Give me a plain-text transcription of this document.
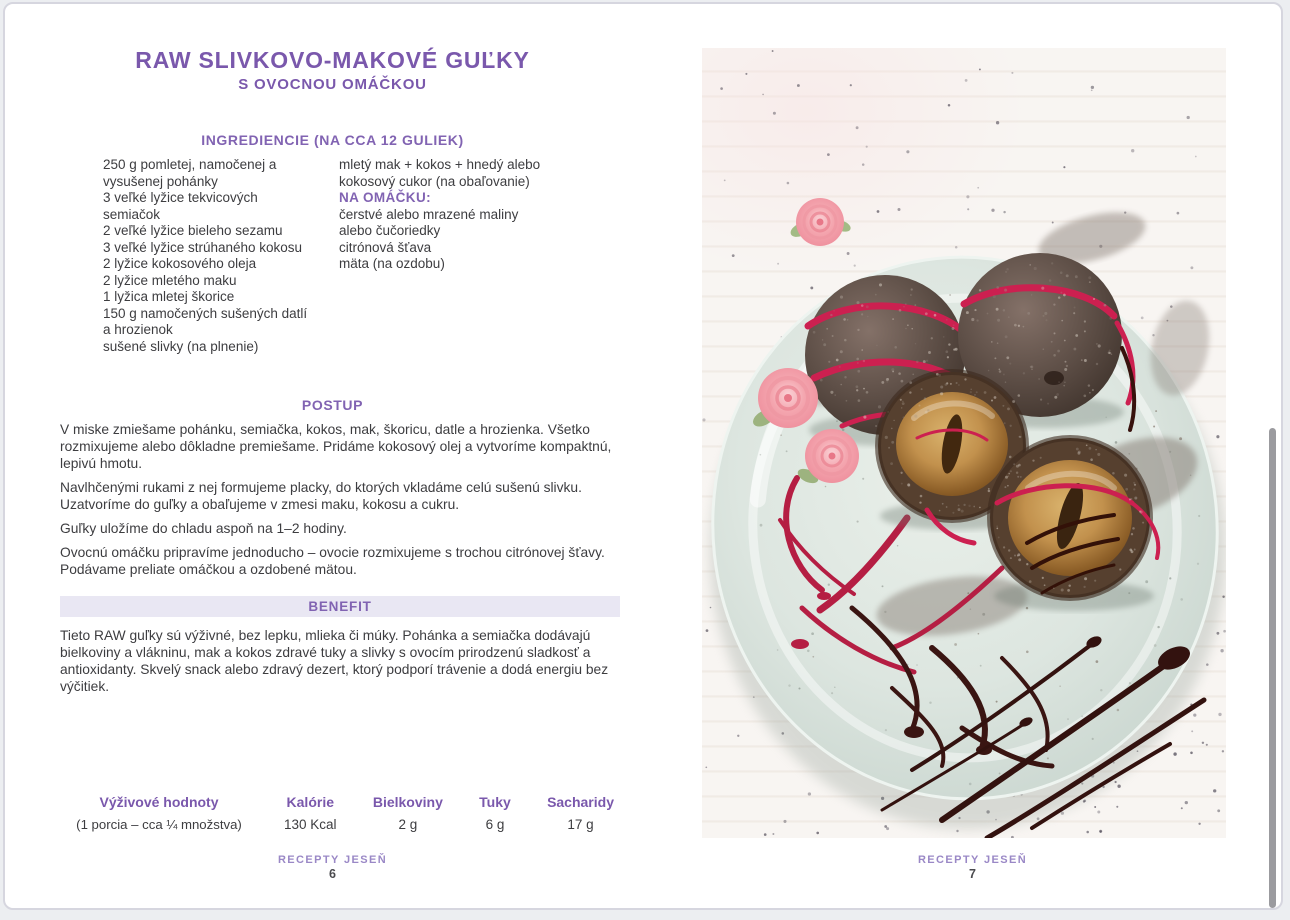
RAW SLIVKOVO-MAKOVÉ GUĽKY
S OVOCNOU OMÁČKOU
INGREDIENCIE (NA CCA 12 GULIEK)
250 g pomletej, namočenej a vysušenej pohánky
3 veľké lyžice tekvicových semiačok
2 veľké lyžice bieleho sezamu
3 veľké lyžice strúhaného kokosu
2 lyžice kokosového oleja
2 lyžice mletého maku
1 lyžica mletej škorice
150 g namočených sušených datlí a hrozienok
sušené slivky (na plnenie)
mletý mak + kokos + hnedý alebo kokosový cukor (na obaľovanie)
NA OMÁČKU:
čerstvé alebo mrazené maliny alebo čučoriedky
citrónová šťava
mäta (na ozdobu)
POSTUP

V miske zmiešame pohánku, semiačka, kokos, mak, škoricu, datle a hrozienka. Všetko rozmixujeme alebo dôkladne premiešame. Pridáme kokosový olej a vytvoríme kompaktnú, lepivú hmotu.

Navlhčenými rukami z nej formujeme placky, do ktorých vkladáme celú sušenú slivku. Uzatvoríme do guľky a obaľujeme v zmesi maku, kokosu a cukru.

Guľky uložíme do chladu aspoň na 1–2 hodiny.

Ovocnú omáčku pripravíme jednoducho – ovocie rozmixujeme s trochou citrónovej šťavy. Podávame preliate omáčkou a ozdobené mätou.

BENEFIT
Tieto RAW guľky sú výživné, bez lepku, mlieka či múky. Pohánka a semiačka dodávajú bielkoviny a vlákninu, mak a kokos zdravé tuky a slivky s ovocím prirodzenú sladkosť a antioxidanty. Skvelý snack alebo zdravý dezert, ktorý podporí trávenie a dodá energiu bez výčitiek.
Výživové hodnoty
(1 porcia – cca ¼ množstva)
Kalórie
130 Kcal
Bielkoviny
2 g
Tuky
6 g
Sacharidy
17 g
RECEPTY JESEŇ
6
RECEPTY JESEŇ
7
